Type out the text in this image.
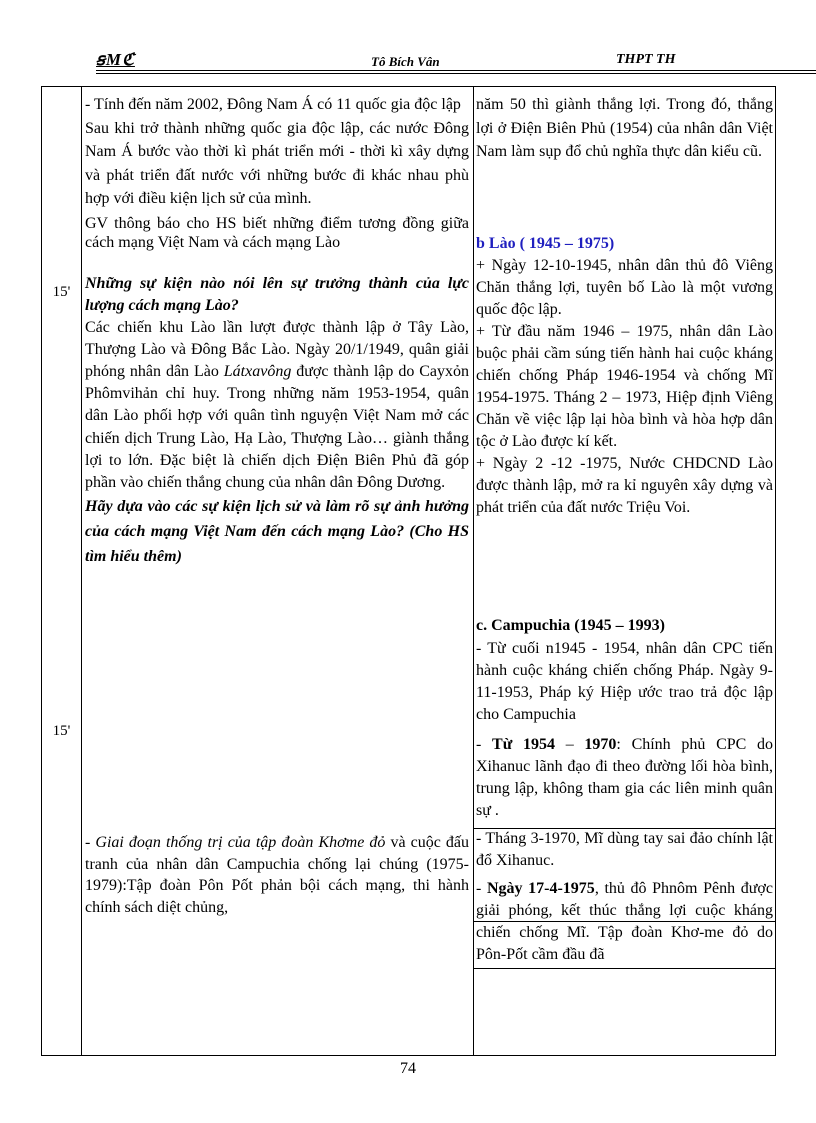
ꞩMℭ	Tô Bích Vân	THPT TH
15'
15'

- Tính đến năm 2002, Đông Nam Á có 11 quốc gia độc lập

Sau khi trở thành những quốc gia độc lập, các nước Đông Nam Á bước vào thời kì phát triển mới - thời kì xây dựng và phát triển đất nước với những bước đi khác nhau phù hợp với điều kiện lịch sử của mình.

GV thông báo cho HS biết những điểm tương đồng giữa cách mạng Việt Nam và cách mạng Lào

Những sự kiện nào nói lên sự trưởng thành của lực lượng cách mạng Lào?

Các chiến khu Lào lần lượt được thành lập ở Tây Lào, Thượng Lào và Đông Bắc Lào. Ngày 20/1/1949, quân giải phóng nhân dân Lào Látxavông được thành lập do Cayxỏn Phômvihản chỉ huy. Trong những năm 1953-1954, quân dân Lào phối hợp với quân tình nguyện Việt Nam mở các chiến dịch Trung Lào, Hạ Lào, Thượng Lào… giành thắng lợi to lớn. Đặc biệt là chiến dịch Điện Biên Phủ đã góp phần vào chiến thắng chung của nhân dân Đông Dương.

Hãy dựa vào các sự kiện lịch sử và làm rõ sự ảnh hưởng của cách mạng Việt Nam đến cách mạng Lào? (Cho HS tìm hiểu thêm)

- Giai đoạn thống trị của tập đoàn Khơme đỏ và cuộc đấu tranh của nhân dân Campuchia chống lại chúng (1975-1979):Tập đoàn Pôn Pốt phản bội cách mạng, thi hành chính sách diệt chủng,

năm 50 thì giành thắng lợi. Trong đó, thắng lợi ở Điện Biên Phủ (1954) của nhân dân Việt Nam làm sụp đổ chủ nghĩa thực dân kiểu cũ.

b Lào ( 1945 – 1975)

+ Ngày 12-10-1945, nhân dân thủ đô Viêng Chăn thắng lợi, tuyên bố Lào là một vương quốc độc lập.

+ Từ đầu năm 1946 – 1975, nhân dân Lào buộc phải cầm súng tiến hành hai cuộc kháng chiến chống Pháp 1946-1954 và chống Mĩ 1954-1975. Tháng 2 – 1973, Hiệp định Viêng Chăn về việc lập lại hòa bình và hòa hợp dân tộc ở Lào được kí kết.

+ Ngày 2 -12 -1975, Nước CHDCND Lào được thành lập, mở ra kỉ nguyên xây dựng và phát triển của đất nước Triệu Voi.

c. Campuchia (1945 – 1993)

- Từ cuối n1945 - 1954, nhân dân CPC tiến hành cuộc kháng chiến chống Pháp. Ngày 9-11-1953, Pháp ký Hiệp ước trao trả độc lập cho Campuchia

- Từ 1954 – 1970: Chính phủ CPC do Xihanuc lãnh đạo đi theo đường lối hòa bình, trung lập, không tham gia các liên minh quân sự .

- Tháng 3-1970, Mĩ dùng tay sai đảo chính lật đổ Xihanuc.

- Ngày 17-4-1975, thủ đô Phnôm Pênh được giải phóng, kết thúc thắng lợi cuộc kháng chiến chống Mĩ. Tập đoàn Khơ-me đỏ do Pôn-Pốt cầm đầu đã

74
